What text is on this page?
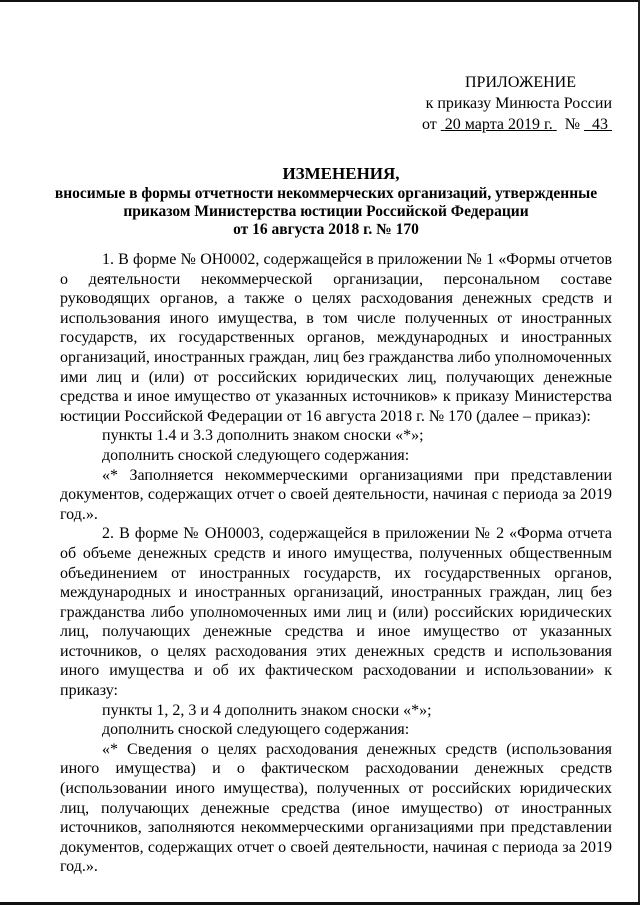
ПРИЛОЖЕНИЕ
к приказу Минюста России
от 20 марта 2019 г. № 43
ИЗМЕНЕНИЯ,
вносимые в формы отчетности некоммерческих организаций, утвержденные
приказом Министерства юстиции Российской Федерации
от 16 августа 2018 г. № 170

1. В форме № ОН0002, содержащейся в приложении № 1 «Формы отчетов о деятельности некоммерческой организации, персональном составе руководящих органов, а также о целях расходования денежных средств и использования иного имущества, в том числе полученных от иностранных государств, их государственных органов, международных и иностранных организаций, иностранных граждан, лиц без гражданства либо уполномоченных ими лиц и (или) от российских юридических лиц, получающих денежные средства и иное имущество от указанных источников» к приказу Министерства юстиции Российской Федерации от 16 августа 2018 г. № 170 (далее – приказ):

пункты 1.4 и 3.3 дополнить знаком сноски «*»;

дополнить сноской следующего содержания:

«* Заполняется некоммерческими организациями при представлении документов, содержащих отчет о своей деятельности, начиная с периода за 2019 год.».

2. В форме № ОН0003, содержащейся в приложении № 2 «Форма отчета об объеме денежных средств и иного имущества, полученных общественным объединением от иностранных государств, их государственных органов, международных и иностранных организаций, иностранных граждан, лиц без гражданства либо уполномоченных ими лиц и (или) российских юридических лиц, получающих денежные средства и иное имущество от указанных источников, о целях расходования этих денежных средств и использования иного имущества и об их фактическом расходовании и использовании» к приказу:

пункты 1, 2, 3 и 4 дополнить знаком сноски «*»;

дополнить сноской следующего содержания:

«* Сведения о целях расходования денежных средств (использования иного имущества) и о фактическом расходовании денежных средств (использовании иного имущества), полученных от российских юридических лиц, получающих денежные средства (иное имущество) от иностранных источников, заполняются некоммерческими организациями при представлении документов, содержащих отчет о своей деятельности, начиная с периода за 2019 год.».
